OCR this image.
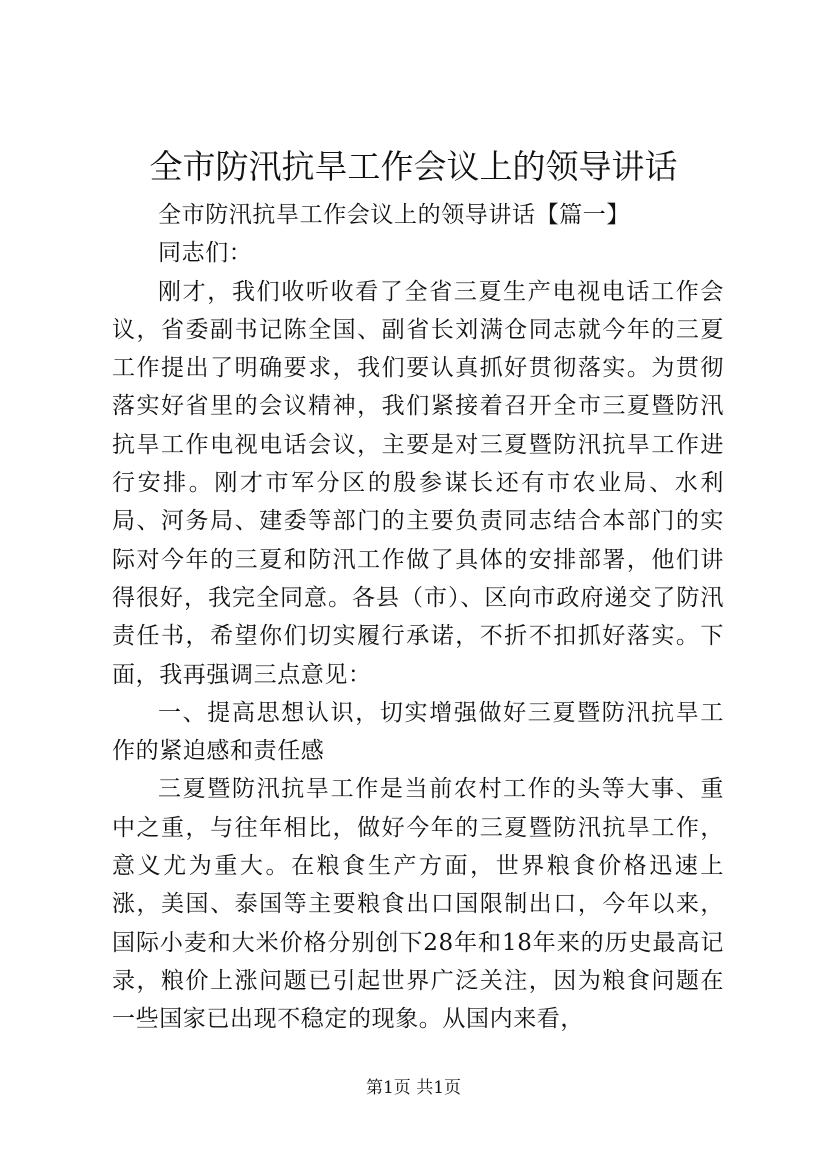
全市防汛抗旱工作会议上的领导讲话

全市防汛抗旱工作会议上的领导讲话【篇一】

同志们：

刚才，我们收听收看了全省三夏生产电视电话工作会议，省委副书记陈全国、副省长刘满仓同志就今年的三夏工作提出了明确要求，我们要认真抓好贯彻落实。为贯彻落实好省里的会议精神，我们紧接着召开全市三夏暨防汛抗旱工作电视电话会议，主要是对三夏暨防汛抗旱工作进行安排。刚才市军分区的殷参谋长还有市农业局、水利局、河务局、建委等部门的主要负责同志结合本部门的实际对今年的三夏和防汛工作做了具体的安排部署，他们讲得很好，我完全同意。各县（市）、区向市政府递交了防汛责任书，希望你们切实履行承诺，不折不扣抓好落实。下面，我再强调三点意见：

一、提高思想认识，切实增强做好三夏暨防汛抗旱工作的紧迫感和责任感

三夏暨防汛抗旱工作是当前农村工作的头等大事、重中之重，与往年相比，做好今年的三夏暨防汛抗旱工作，意义尤为重大。在粮食生产方面，世界粮食价格迅速上涨，美国、泰国等主要粮食出口国限制出口，今年以来，国际小麦和大米价格分别创下28年和18年来的历史最高记录，粮价上涨问题已引起世界广泛关注，因为粮食问题在一些国家已出现不稳定的现象。从国内来看，

第1页 共1页
